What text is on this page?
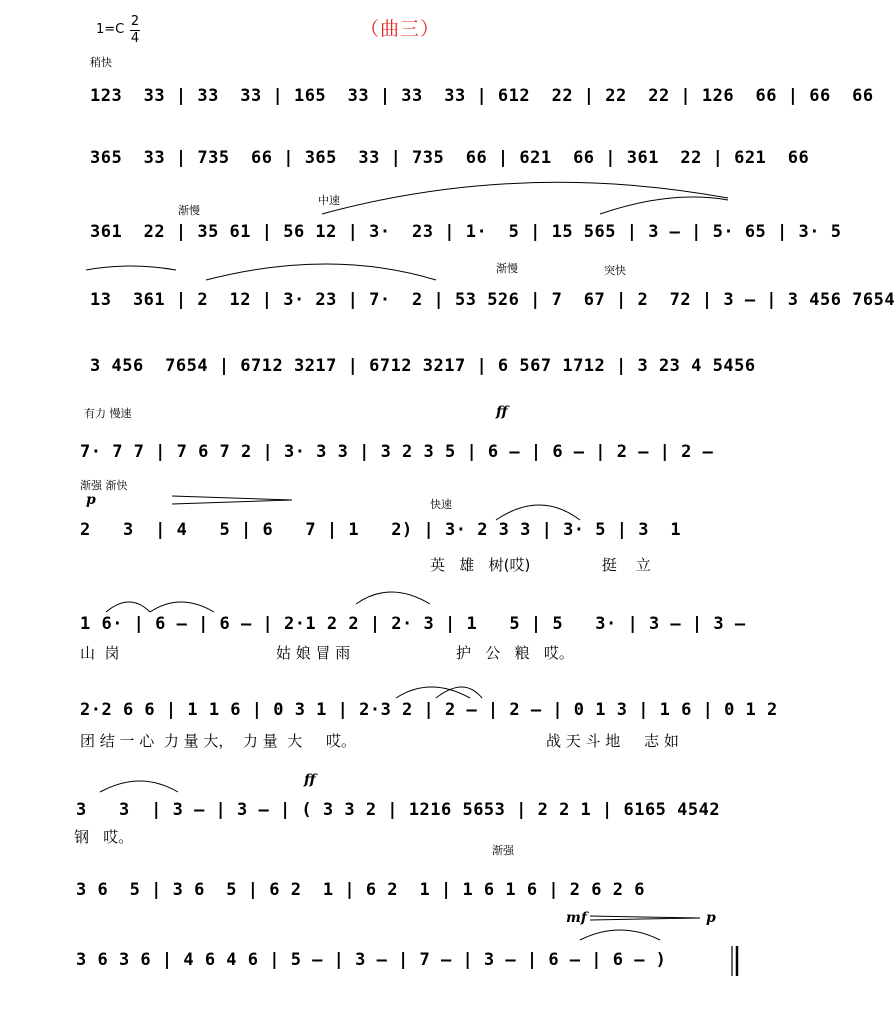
（曲三）
1=C
2
4
稍快
渐慢
中速
渐慢	突快
有力 慢速	ff
渐强 渐快
p	快速
ff
渐强
mf	p
123  33 | 33  33 | 165  33 | 33  33 | 612  22 | 22  22 | 126  66 | 66  66
365  33 | 735  66 | 365  33 | 735  66 | 621  66 | 361  22 | 621  66
361  22 | 35 61 | 56 12 | 3·  23 | 1·  5 | 15 565 | 3 – | 5· 65 | 3· 5
13  361 | 2  12 | 3· 23 | 7·  2 | 53 526 | 7  67 | 2  72 | 3 – | 3 456 7654
3 456  7654 | 6712 3217 | 6712 3217 | 6 567 1712 | 3 23 4 5456
7· 7 7 | 7 6 7 2 | 3· 3 3 | 3 2 3 5 | 6 – | 6 – | 2 – | 2 –
2   3  | 4   5 | 6   7 | 1   2) | 3· 2 3 3 | 3· 5 | 3  1
英   雄   树(哎)               挺    立
1 6· | 6 – | 6 – | 2·1 2 2 | 2· 3 | 1   5 | 5   3· | 3 – | 3 –
山  岗	姑 娘 冒 雨	护   公   粮   哎。
2·2 6 6 | 1 1 6 | 0 3 1 | 2·3 2 | 2 – | 2 – | 0 1 3 | 1 6 | 0 1 2
团 结 一 心  力 量 大，  力 量  大     哎。	战 天 斗 地     志 如
3   3  | 3 – | 3 – | ( 3 3 2 | 1216 5653 | 2 2 1 | 6165 4542
钢   哎。
3 6  5 | 3 6  5 | 6 2  1 | 6 2  1 | 1 6 1 6 | 2 6 2 6
3 6 3 6 | 4 6 4 6 | 5 – | 3 – | 7 – | 3 – | 6 – | 6 – )
